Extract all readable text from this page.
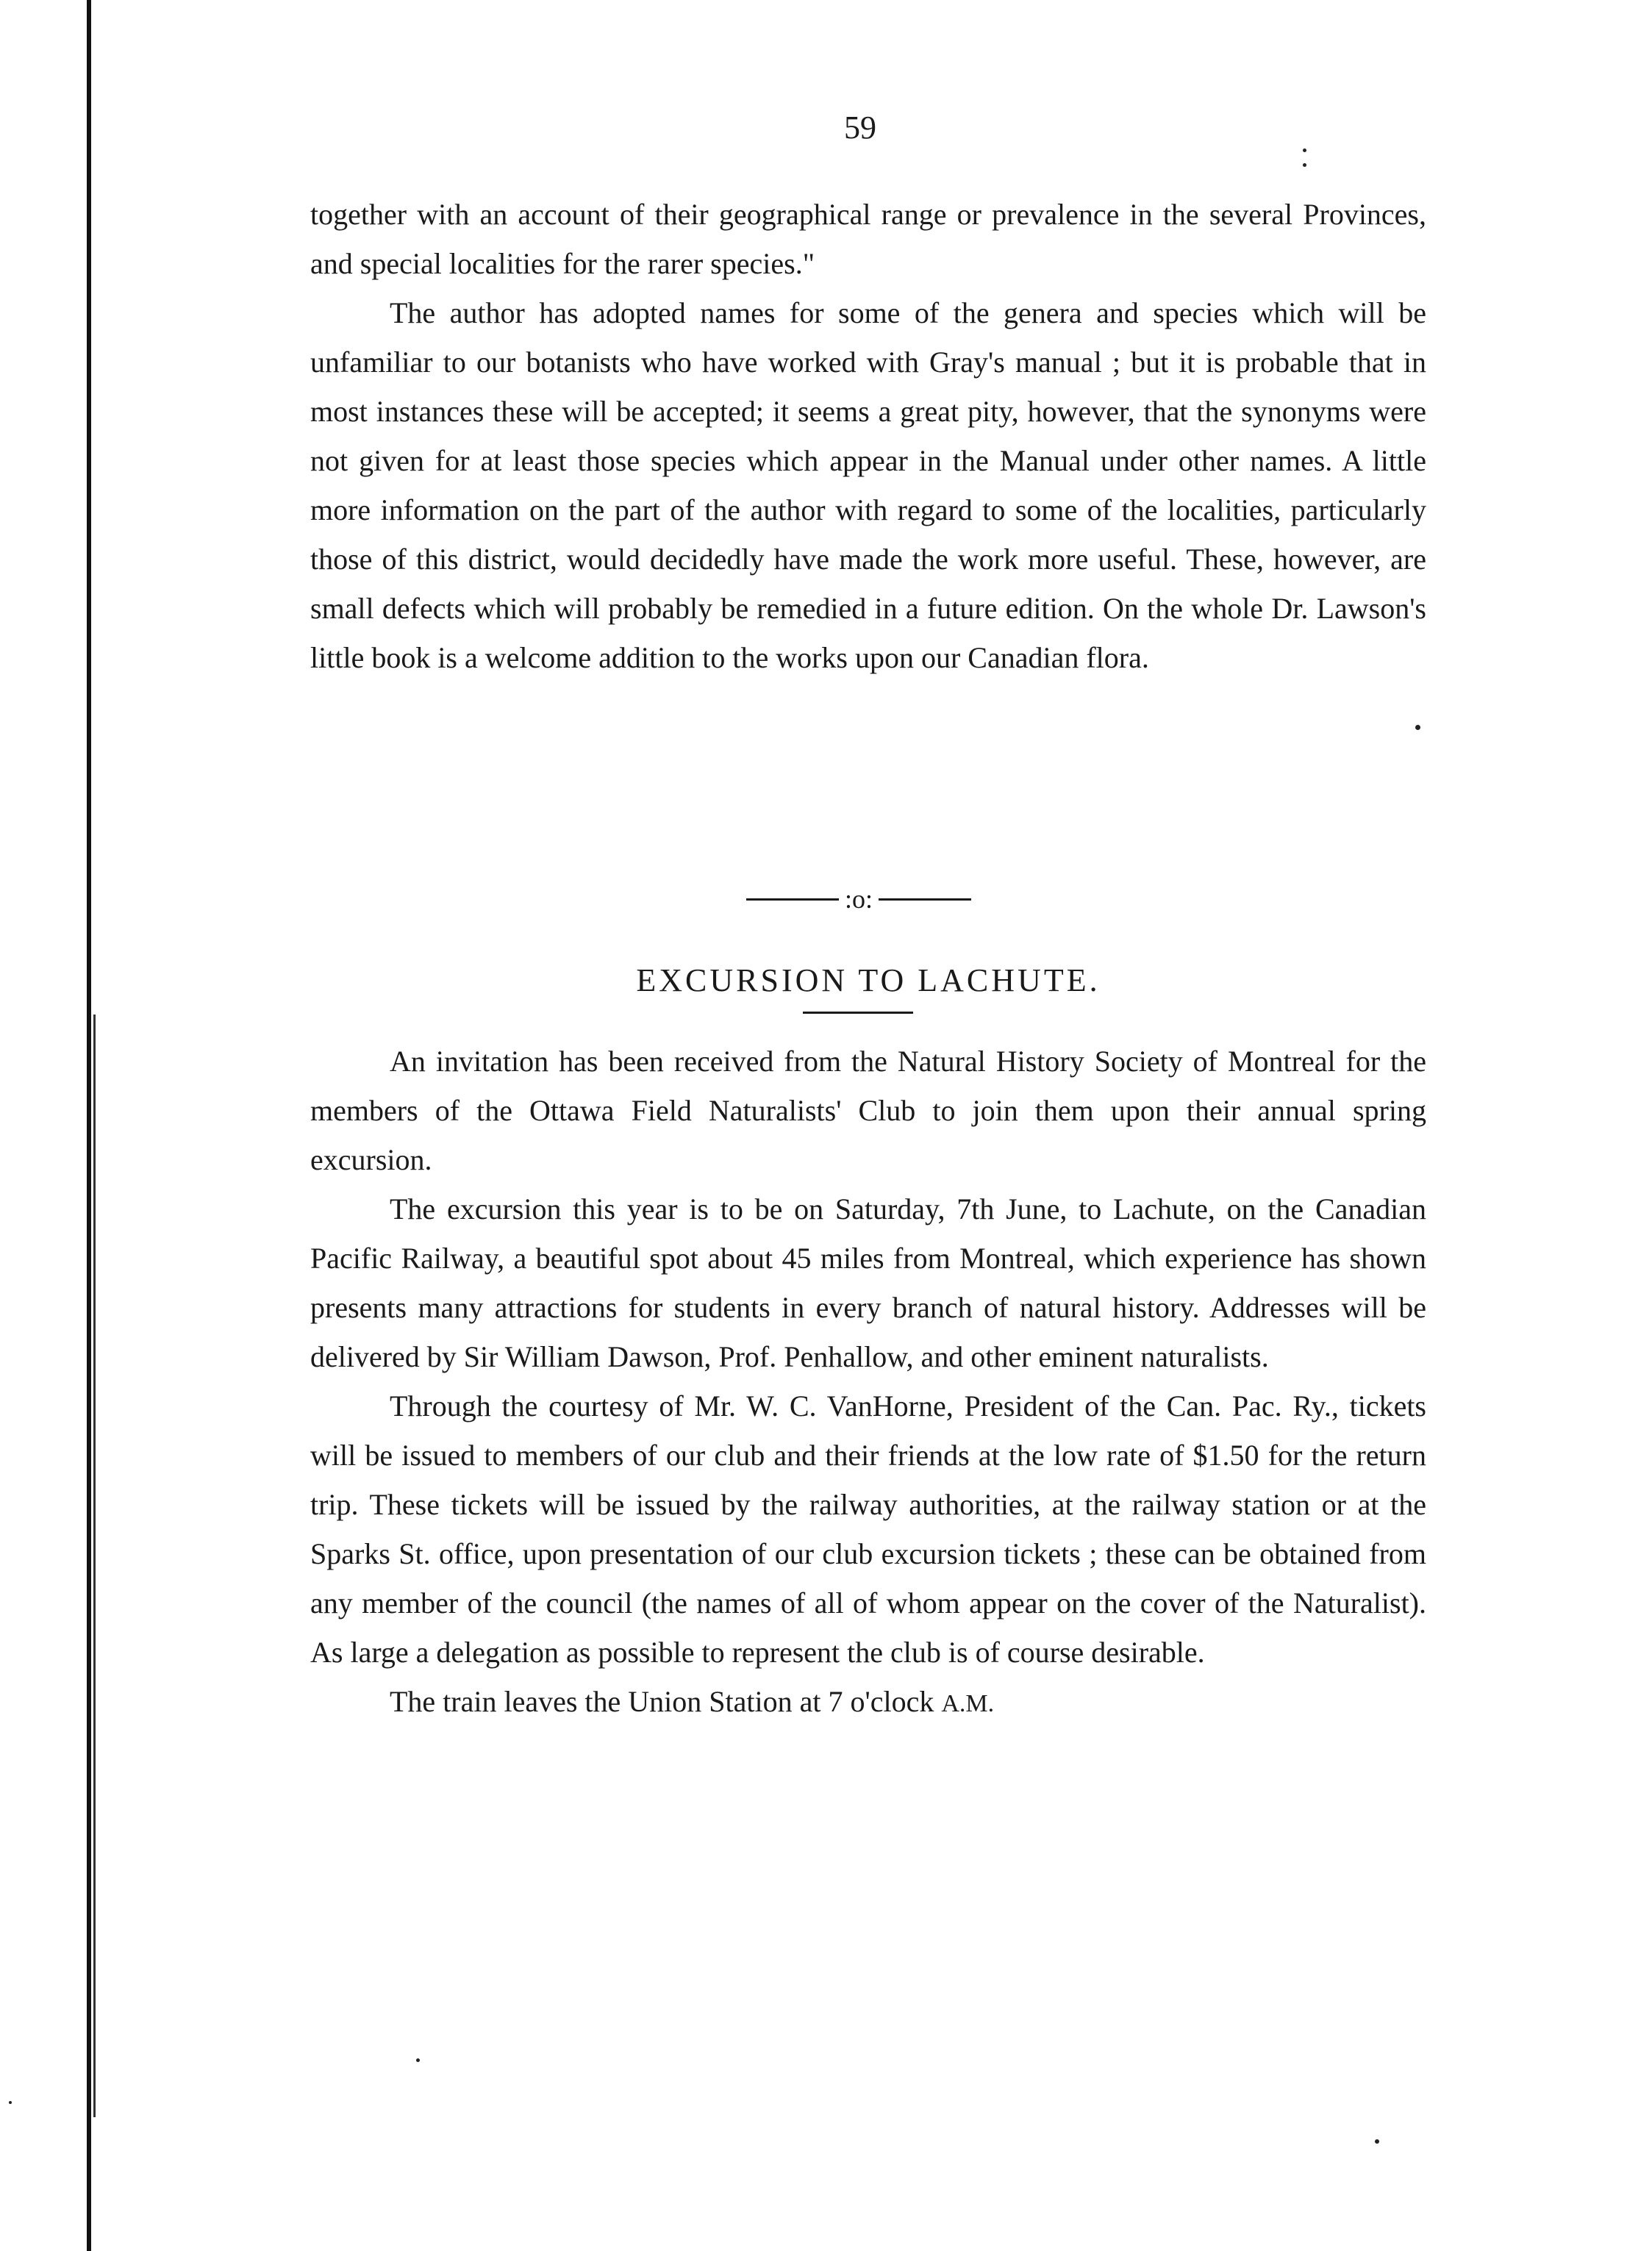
59

together with an account of their geographical range or prevalence in the several Provinces, and special localities for the rarer species."

The author has adopted names for some of the genera and species which will be unfamiliar to our botanists who have worked with Gray's manual ; but it is probable that in most instances these will be accepted; it seems a great pity, however, that the synonyms were not given for at least those species which appear in the Manual under other names. A little more information on the part of the author with regard to some of the localities, particularly those of this district, would decidedly have made the work more useful. These, however, are small defects which will probably be remedied in a future edition. On the whole Dr. Lawson's little book is a welcome addition to the works upon our Canadian flora.

:o:
EXCURSION TO LACHUTE.

An invitation has been received from the Natural History Society of Montreal for the members of the Ottawa Field Naturalists' Club to join them upon their annual spring excursion.

The excursion this year is to be on Saturday, 7th June, to Lachute, on the Canadian Pacific Railway, a beautiful spot about 45 miles from Montreal, which experience has shown presents many attractions for students in every branch of natural history. Addresses will be delivered by Sir William Dawson, Prof. Penhallow, and other eminent naturalists.

Through the courtesy of Mr. W. C. VanHorne, President of the Can. Pac. Ry., tickets will be issued to members of our club and their friends at the low rate of $1.50 for the return trip. These tickets will be issued by the railway authorities, at the railway station or at the Sparks St. office, upon presentation of our club excursion tickets ; these can be obtained from any member of the council (the names of all of whom appear on the cover of the Naturalist). As large a delegation as possible to represent the club is of course desirable.

The train leaves the Union Station at 7 o'clock A.M.
